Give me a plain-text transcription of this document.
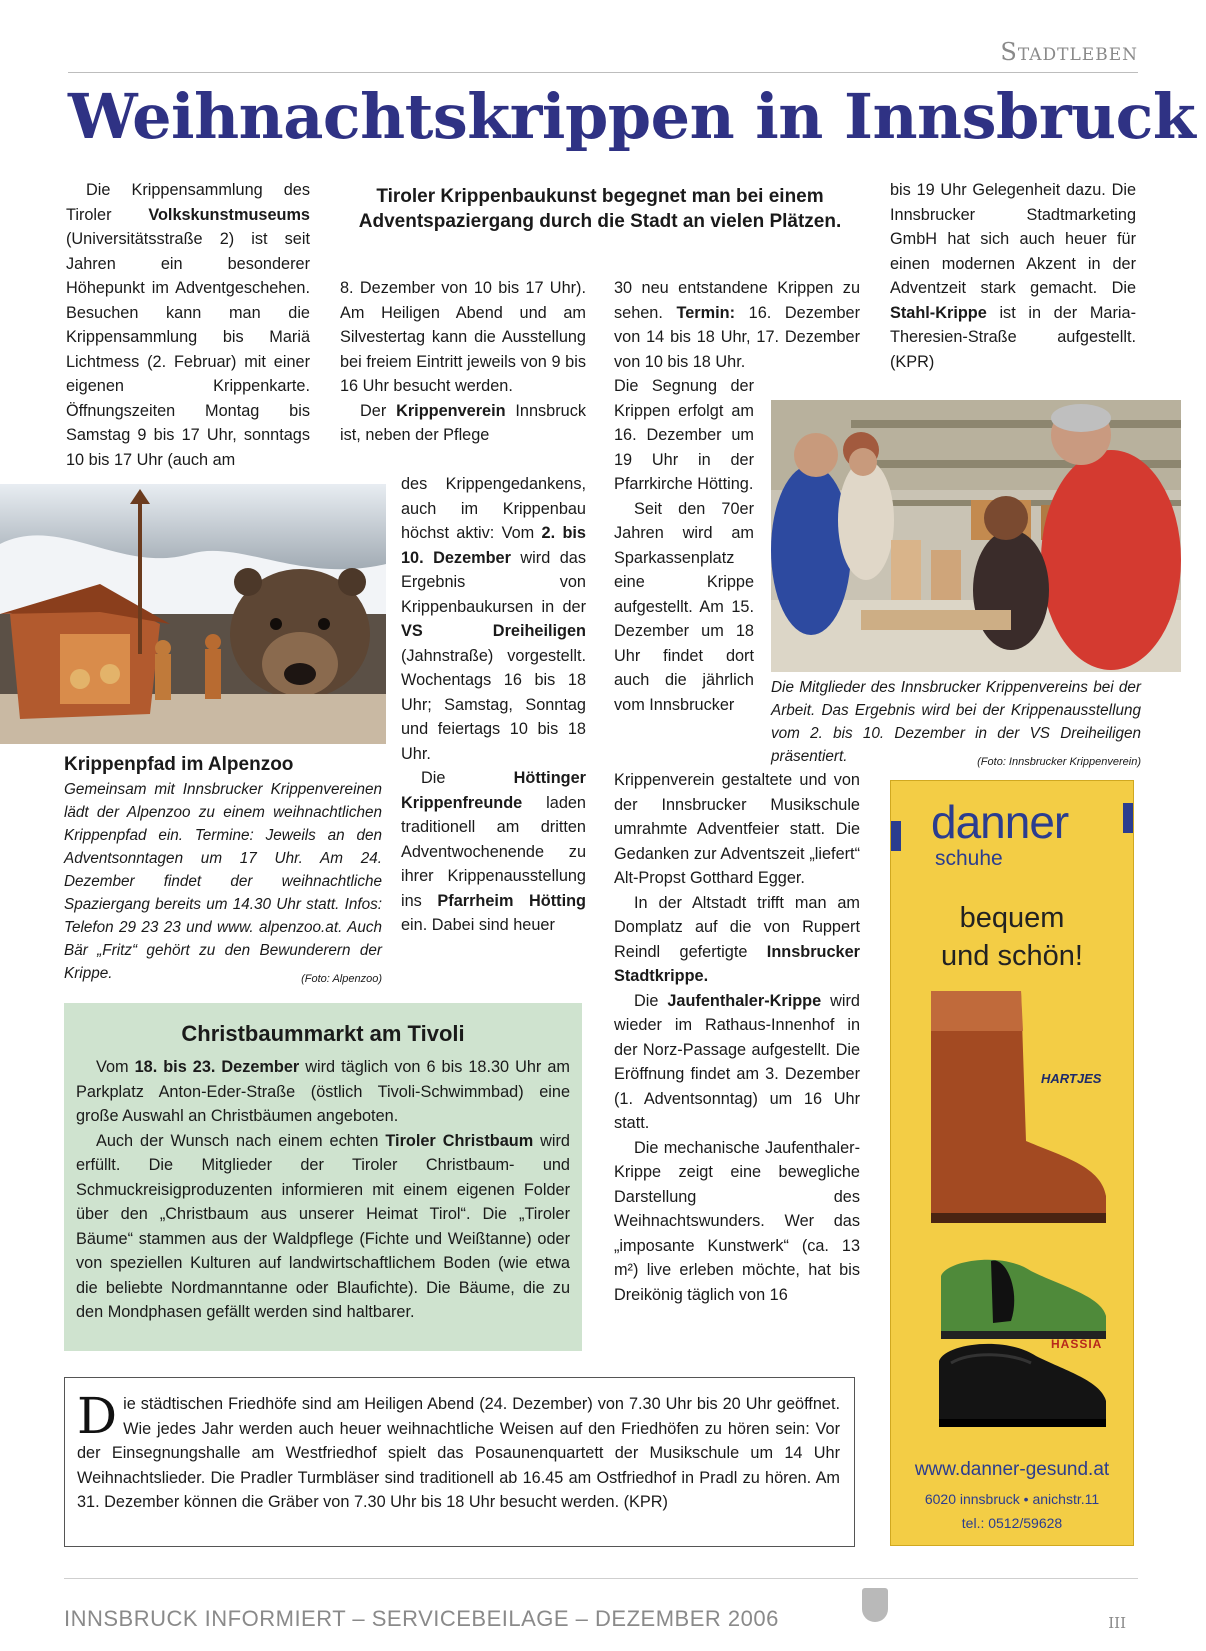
Stadtleben
Weihnachtskrippen in Innsbruck

Die Krippensammlung des Tiroler Volkskunstmuseums (Universitätsstraße 2) ist seit Jahren ein besonderer Höhepunkt im Adventgeschehen. Besuchen kann man die Krippensammlung bis Mariä Lichtmess (2. Februar) mit einer eigenen Krippenkarte. Öffnungszeiten Montag bis Samstag 9 bis 17 Uhr, sonntags 10 bis 17 Uhr (auch am

Tiroler Krippenbaukunst begegnet man bei einem Adventspaziergang durch die Stadt an vielen Plätzen.
Krippenpfad im Alpenzoo
Gemeinsam mit Innsbrucker Krippenvereinen lädt der Alpenzoo zu einem weihnachtlichen Krippenpfad ein. Termine: Jeweils an den Adventsonntagen um 17 Uhr. Am 24. Dezember findet der weihnachtliche Spaziergang bereits um 14.30 Uhr statt. Infos: Telefon 29 23 23 und www. alpenzoo.at. Auch Bär „Fritz“ gehört zu den Bewunderern der Krippe.	(Foto: Alpenzoo)

8. Dezember von 10 bis 17 Uhr). Am Heiligen Abend und am Silvestertag kann die Ausstellung bei freiem Eintritt jeweils von 9 bis 16 Uhr besucht werden.

Der Krippenverein Innsbruck ist, neben der Pflege

des Krippengedankens, auch im Krippenbau höchst aktiv: Vom 2. bis 10. Dezember wird das Ergebnis von Krippenbaukursen in der VS Dreiheiligen (Jahnstraße) vorgestellt. Wochentags 16 bis 18 Uhr; Samstag, Sonntag und feiertags 10 bis 18 Uhr.

Die Höttinger Krippenfreunde laden traditionell am dritten Adventwochenende zu ihrer Krippenausstellung ins Pfarrheim Hötting ein. Dabei sind heuer

30 neu entstandene Krippen zu sehen. Termin: 16. Dezember von 14 bis 18 Uhr, 17. Dezember von 10 bis 18 Uhr.

Die Segnung der Krippen erfolgt am 16. Dezember um 19 Uhr in der Pfarrkirche Hötting.

Seit den 70er Jahren wird am Sparkassenplatz eine Krippe aufgestellt. Am 15. Dezember um 18 Uhr findet dort auch die jährlich vom Innsbrucker

Krippenverein gestaltete und von der Innsbrucker Musikschule umrahmte Adventfeier statt. Die Gedanken zur Adventszeit „liefert“ Alt-Propst Gotthard Egger.

In der Altstadt trifft man am Domplatz auf die von Ruppert Reindl gefertigte Innsbrucker Stadtkrippe.

Die Jaufenthaler-Krippe wird wieder im Rathaus-Innenhof in der Norz-Passage aufgestellt. Die Eröffnung findet am 3. Dezember (1. Adventsonntag) um 16 Uhr statt.

Die mechanische Jaufenthaler-Krippe zeigt eine bewegliche Darstellung des Weihnachtswunders. Wer das „imposante Kunstwerk“ (ca. 13 m²) live erleben möchte, hat bis Dreikönig täglich von 16

bis 19 Uhr Gelegenheit dazu. Die Innsbrucker Stadtmarketing GmbH hat sich auch heuer für einen modernen Akzent in der Adventzeit stark gemacht. Die Stahl-Krippe ist in der Maria-Theresien-Straße aufgestellt. (KPR)

Die Mitglieder des Innsbrucker Krippenvereins bei der Arbeit. Das Ergebnis wird bei der Krippenausstellung vom 2. bis 10. Dezember in der VS Dreiheiligen präsentiert.	(Foto: Innsbrucker Krippenverein)
Christbaummarkt am Tivoli

Vom 18. bis 23. Dezember wird täglich von 6 bis 18.30 Uhr am Parkplatz Anton-Eder-Straße (östlich Tivoli-Schwimmbad) eine große Auswahl an Christbäumen angeboten.

Auch der Wunsch nach einem echten Tiroler Christbaum wird erfüllt. Die Mitglieder der Tiroler Christbaum- und Schmuckreisigproduzenten informieren mit einem eigenen Folder über den „Christbaum aus unserer Heimat Tirol“. Die „Tiroler Bäume“ stammen aus der Waldpflege (Fichte und Weißtanne) oder von speziellen Kulturen auf landwirtschaftlichem Boden (wie etwa die beliebte Nordmanntanne oder Blaufichte). Die Bäume, die zu den Mondphasen gefällt werden sind haltbarer.

Die städtischen Friedhöfe sind am Heiligen Abend (24. Dezember) von 7.30 Uhr bis 20 Uhr geöffnet. Wie jedes Jahr werden auch heuer weihnachtliche Weisen auf den Friedhöfen zu hören sein: Vor der Einsegnungshalle am Westfriedhof spielt das Posaunenquartett der Musikschule um 14 Uhr Weihnachtslieder. Die Pradler Turmbläser sind traditionell ab 16.45 am Ostfriedhof in Pradl zu hören. Am 31. Dezember können die Gräber von 7.30 Uhr bis 18 Uhr besucht werden. (KPR)
danner
schuhe
bequem
und schön!
HARTJES
HASSIA
www.danner-gesund.at
6020 innsbruck • anichstr.11
tel.: 0512/59628
INNSBRUCK INFORMIERT – SERVICEBEILAGE – DEZEMBER 2006	III
